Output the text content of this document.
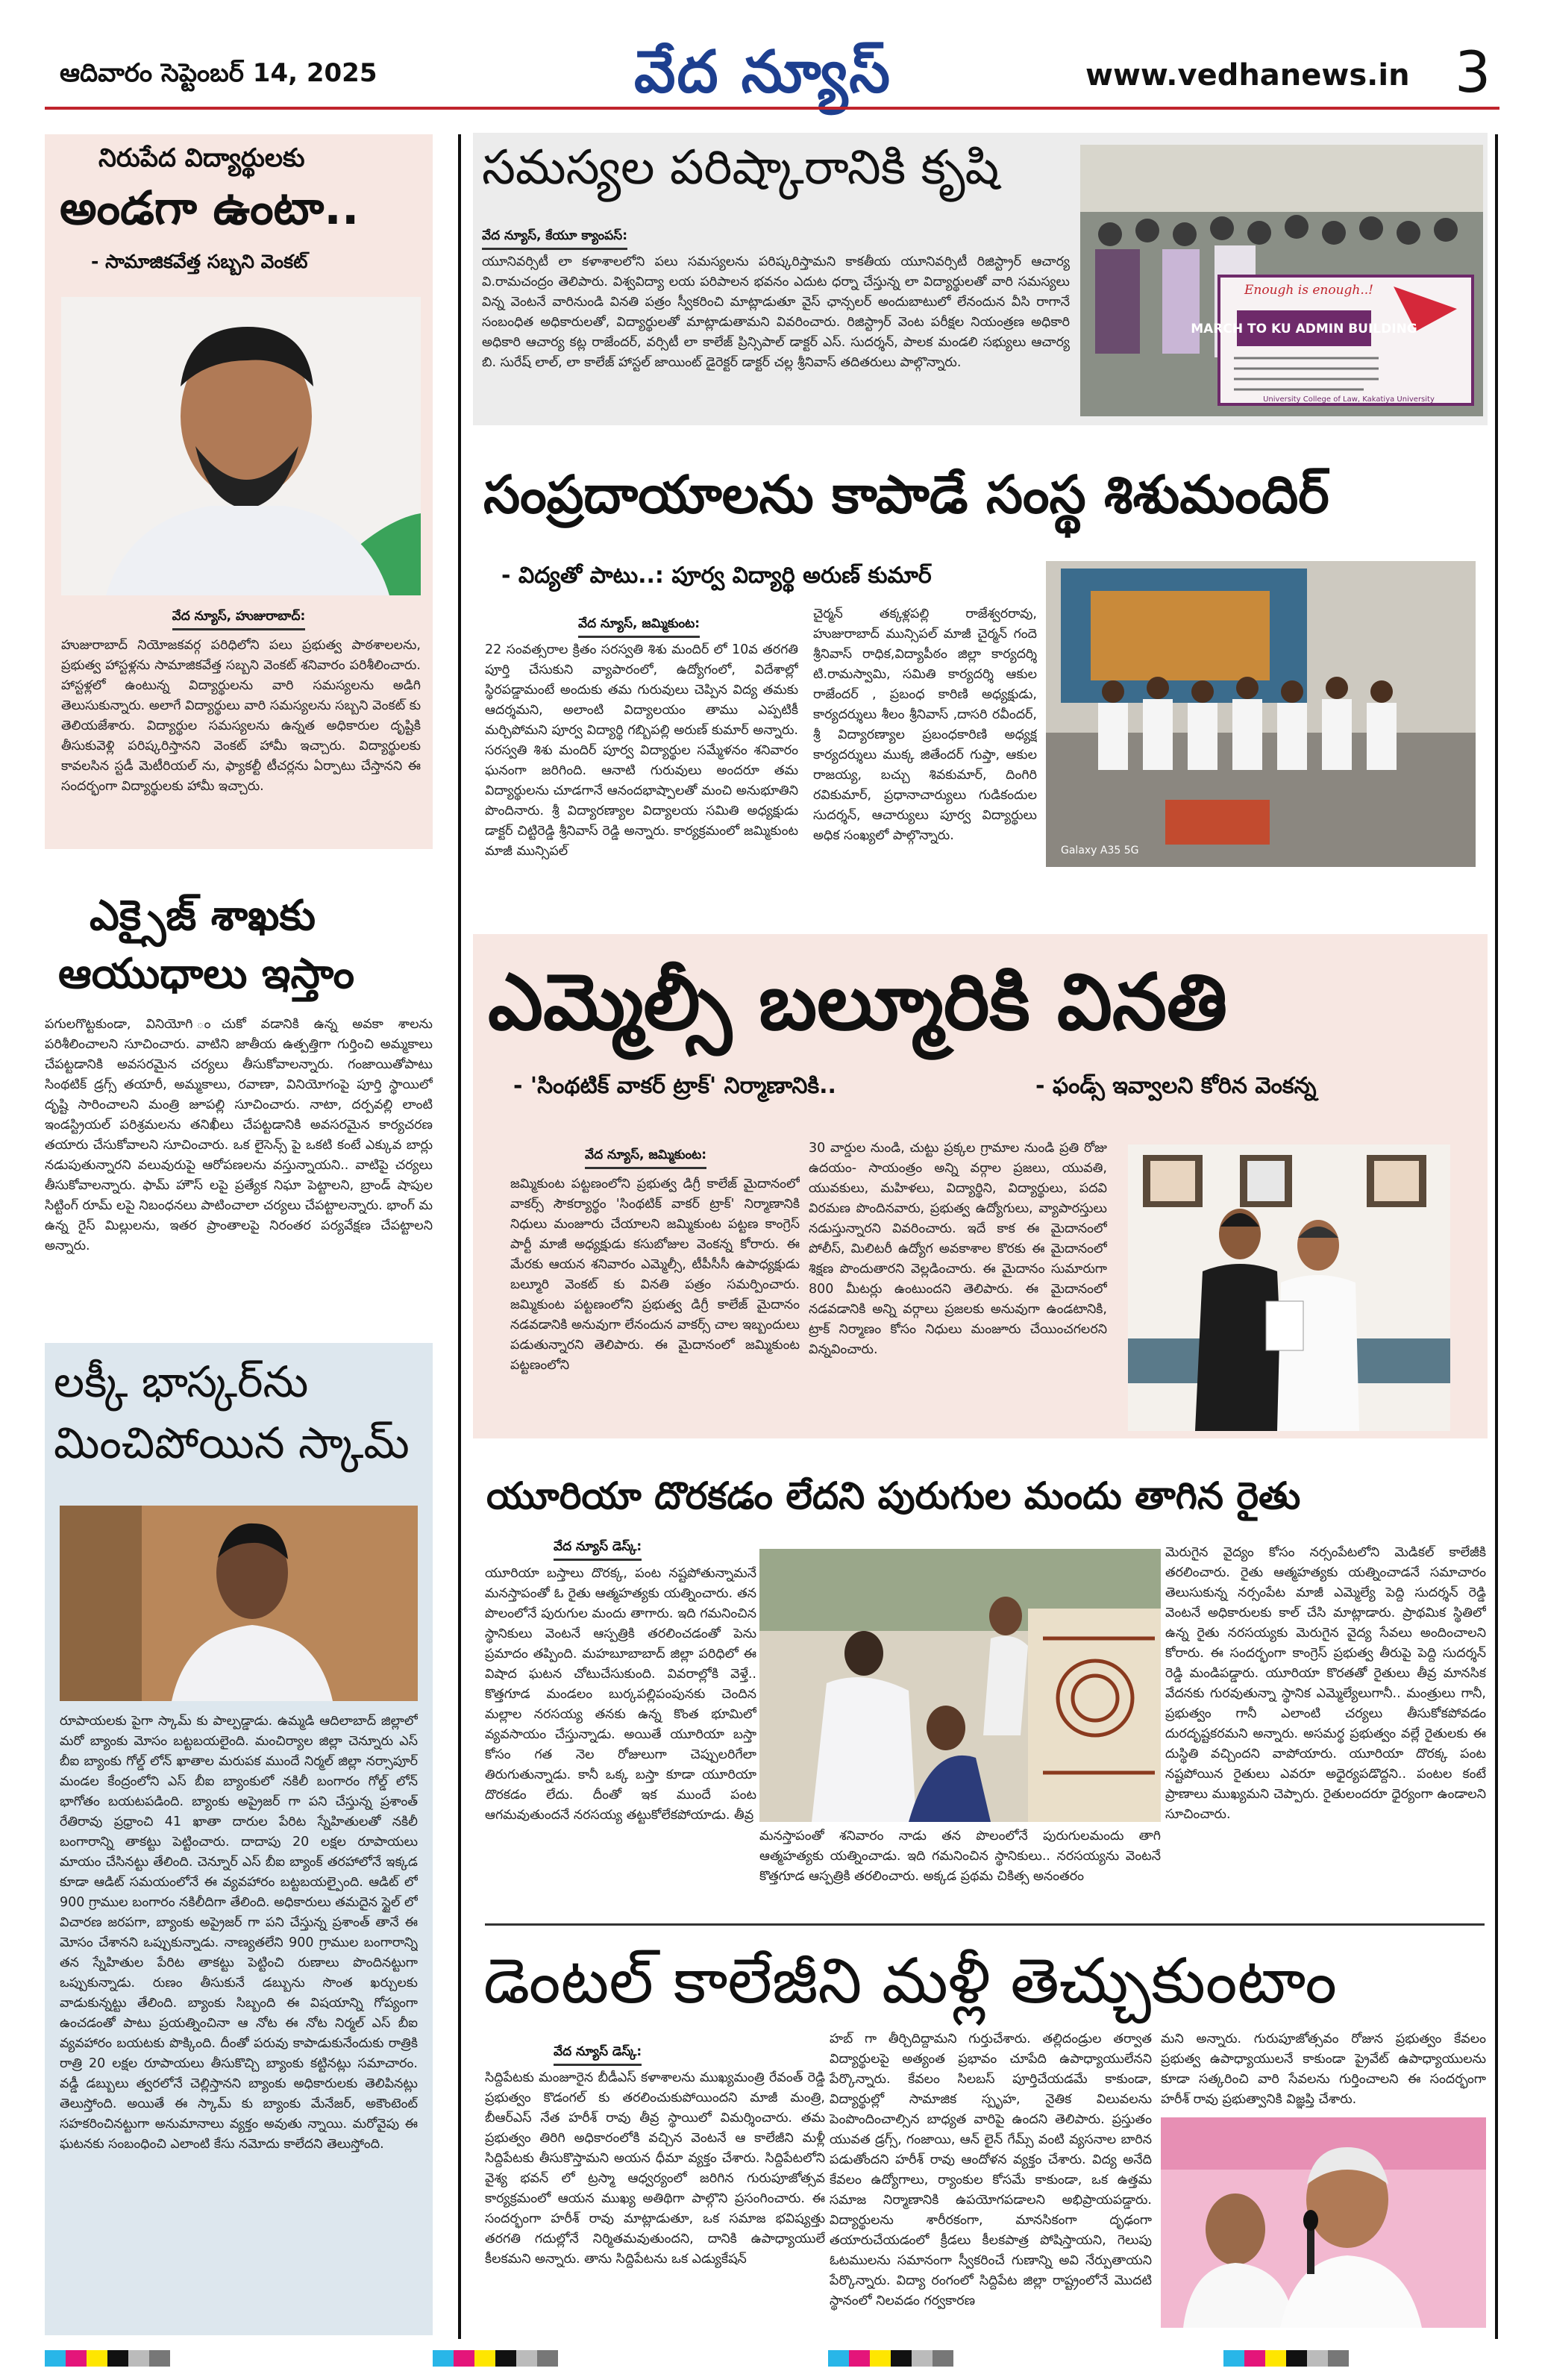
ఆదివారం సెప్టెంబర్ 14, 2025	వేద న్యూస్	www.vedhanews.in 3
నిరుపేద విద్యార్థులకు
అండగా ఉంటా..
- సామాజికవేత్త సబ్బని వెంకట్
వేద న్యూస్, హుజురాబాద్:
హుజురాబాద్ నియోజకవర్గ పరిధిలోని పలు ప్రభుత్వ పాఠశాలలను, ప్రభుత్వ హాస్టళ్లను సామాజికవేత్త సబ్బని వెంకట్ శనివారం పరిశీలించారు. హాస్టళ్లలో ఉంటున్న విద్యార్థులను వారి సమస్యలను అడిగి తెలుసుకున్నారు. అలాగే విద్యార్థులు వారి సమస్యలను సబ్బని వెంకట్ కు తెలియజేశారు. విద్యార్థుల సమస్యలను ఉన్నత అధికారుల దృష్టికి తీసుకువెళ్లి పరిష్కరిస్తానని వెంకట్ హామీ ఇచ్చారు. విద్యార్థులకు కావలసిన స్టడీ మెటీరియల్ ను, ఫ్యాకల్టీ టీచర్లను ఏర్పాటు చేస్తానని ఈ సందర్భంగా విద్యార్థులకు హామీ ఇచ్చారు.
ఎక్సైజ్ శాఖకు
ఆయుధాలు ఇస్తాం
పగులగొట్టకుండా, వినియోగి ంచుకో వడానికి ఉన్న అవకా శాలను పరిశీలించాలని సూచించారు. వాటిని జాతీయ ఉత్పత్తిగా గుర్తించి అమ్మకాలు చేపట్టడానికి అవసరమైన చర్యలు తీసుకోవాలన్నారు. గంజాయితోపాటు సింథటిక్ డ్రగ్స్ తయారీ, అమ్మకాలు, రవాణా, వినియోగంపై పూర్తి స్థాయిలో దృష్టి సారించాలని మంత్రి జూపల్లి సూచించారు. నాటా, దర్పవల్లి లాంటి ఇండస్ట్రియల్ పరిశ్రమలను తనిఖీలు చేపట్టడానికి అవసరమైన కార్యచరణ తయారు చేసుకోవాలని సూచించారు. ఒక లైసెన్స్ పై ఒకటి కంటే ఎక్కువ బార్లు నడుపుతున్నారని వలువురుపై ఆరోపణలను వస్తున్నాయని.. వాటిపై చర్యలు తీసుకోవాలన్నారు. ఫామ్ హౌస్ లపై ప్రత్యేక నిఘా పెట్టాలని, బ్రాండ్ షాపుల సిట్టింగ్ రూమ్ లపై నిబంధనలు పాటించాలా చర్యలు చేపట్టాలన్నారు. భాంగ్ మ ఉన్న రైస్ మిల్లులను, ఇతర ప్రాంతాలపై నిరంతర పర్యవేక్షణ చేపట్టాలని అన్నారు.
లక్కీ భాస్కర్‌ను
మించిపోయిన స్కామ్
రూపాయలకు పైగా స్కామ్ కు పాల్పడ్డాడు. ఉమ్మడి ఆదిలాబాద్ జిల్లాలో మరో బ్యాంకు మోసం బట్టబయలైంది. మంచిర్యాల జిల్లా చెన్నూరు ఎస్ బీఐ బ్యాంకు గోల్డ్ లోన్ ఖాతాల మరుపక ముందే నిర్మల్ జిల్లా నర్సాపూర్ మండల కేంద్రంలోని ఎస్ బీఐ బ్యాంకులో నకిలీ బంగారం గోల్డ్ లోన్ భాగోతం బయటపడింది. బ్యాంకు అప్రైజర్ గా పని చేస్తున్న ప్రశాంత్ రేతిరావు ప్రధ్రాంచి 41 ఖాతా దారుల పేరిట స్నేహితులతో నకిలీ బంగారాన్ని తాకట్టు పెట్టించారు. దాదాపు 20 లక్షల రూపాయలు మాయం చేసినట్టు తేలింది. చెన్నూర్ ఎస్ బీఐ బ్యాంక్ తరహాలోనే ఇక్కడ కూడా ఆడిట్ సమయంలోనే ఈ వ్యవహారం బట్టబయల్పైంది. ఆడిట్ లో 900 గ్రాముల బంగారం నకిలీదిగా తేలింది. అధికారులు తమదైన స్టైల్ లో విచారణ జరపగా, బ్యాంకు అప్రైజర్ గా పని చేస్తున్న ప్రశాంత్ తానే ఈ మోసం చేశానని ఒప్పుకున్నాడు. నాణ్యతలేని 900 గ్రాముల బంగారాన్ని తన స్నేహితుల పేరిట తాకట్టు పెట్టించి రుణాలు పొందినట్టుగా ఒప్పుకున్నాడు. రుణం తీసుకునే డబ్బును సొంత ఖర్చులకు వాడుకున్నట్టు తేలింది. బ్యాంకు సిబ్బంది ఈ విషయాన్ని గోప్యంగా ఉంచడంతో పాటు ప్రయత్నించినా ఆ నోట ఈ నోట నిర్మల్ ఎస్ బీఐ వ్యవహారం బయటకు పొక్కింది. దీంతో పరువు కాపాడుకునేందుకు రాత్రికి రాత్రి 20 లక్షల రూపాయలు తీసుకొచ్చి బ్యాంకు కట్టినట్లు సమాచారం. వడ్డీ డబ్బులు త్వరలోనే చెల్లిస్తానని బ్యాంకు అధికారులకు తెలిపినట్లు తెలుస్తోంది. అయితే ఈ స్కామ్ కు బ్యాంకు మేనేజర్, అకౌంటెంట్ సహకరించినట్టుగా అనుమానాలు వ్యక్తం అవుతు న్నాయి. మరోవైపు ఈ ఘటనకు సంబంధించి ఎలాంటి కేసు నమోదు కాలేదని తెలుస్తోంది.
సమస్యల పరిష్కారానికి కృషి
వేద న్యూస్, కేయూ క్యాంపస్:
యూనివర్సిటీ లా కళాశాలలోని పలు సమస్యలను పరిష్కరిస్తామని కాకతీయ యూనివర్సిటీ రిజిస్ట్రార్ ఆచార్య వి.రామచంద్రం తెలిపారు. విశ్వవిద్యా లయ పరిపాలన భవనం ఎదుట ధర్నా చేస్తున్న లా విద్యార్థులతో వారి సమస్యలు విన్న వెంటనే వారినుండి వినతి పత్రం స్వీకరించి మాట్లాడుతూ వైస్ ఛాన్సలర్ అందుబాటులో లేనందున వీసి రాగానే సంబంధిత అధికారులతో, విద్యార్థులతో మాట్లాడుతామని వివరించారు. రిజిస్ట్రార్ వెంట పరీక్షల నియంత్రణ అధికారి అధికారి ఆచార్య కట్ల రాజేందర్, వర్సిటీ లా కాలేజ్ ప్రిన్సిపాల్ డాక్టర్ ఎస్. సుదర్శన్, పాలక మండలి సభ్యులు ఆచార్య బి. సురేష్ లాల్, లా కాలేజ్ హాస్టల్ జాయింట్ డైరెక్టర్ డాక్టర్ చల్ల శ్రీనివాస్ తదితరులు పాల్గొన్నారు.
Enough is enough..!
MARCH TO KU ADMIN BUILDING
University College of Law, Kakatiya University
సంప్రదాయాలను కాపాడే సంస్థ శిశుమందిర్
- విద్యతో పాటు..: పూర్వ విద్యార్థి అరుణ్ కుమార్
వేద న్యూస్, జమ్మికుంట:
22 సంవత్సరాల క్రితం సరస్వతి శిశు మందిర్ లో 10వ తరగతి పూర్తి చేసుకుని వ్యాపారంలో, ఉద్యోగంలో, విదేశాల్లో స్థిరపడ్డామంటే అందుకు తమ గురువులు చెప్పిన విద్య తమకు ఆదర్శమని, అలాంటి విద్యాలయం తాము ఎప్పటికీ మర్చిపోమని పూర్వ విద్యార్థి గబ్బిపల్లి అరుణ్ కుమార్ అన్నారు. సరస్వతి శిశు మందిర్ పూర్వ విద్యార్థుల సమ్మేళనం శనివారం ఘనంగా జరిగింది. ఆనాటి గురువులు అందరూ తమ విద్యార్థులను చూడగానే ఆనందభాష్పాలతో మంచి అనుభూతిని పొందినారు. శ్రీ విద్యారణ్యాల విద్యాలయ సమితి అధ్యక్షుడు డాక్టర్ చిట్టిరెడ్డి శ్రీనివాస్ రెడ్డి అన్నారు. కార్యక్రమంలో జమ్మికుంట మాజీ మున్సిపల్
చైర్మన్ తక్కళ్లపల్లి రాజేశ్వరరావు, హుజురాబాద్ మున్సిపల్ మాజీ చైర్మన్ గందె శ్రీనివాస్ రాధిక,విద్యాపీఠం జిల్లా కార్యదర్శి టి.రామస్వామి, సమితి కార్యదర్శి ఆకుల రాజేందర్ , ప్రబంధ కారిణి అధ్యక్షుడు, కార్యదర్శులు శీలం శ్రీనివాస్ ,దాసరి రవీందర్, శ్రీ విద్యారణ్యాల ప్రబంధకారిణి అధ్యక్ష కార్యదర్శులు ముక్క జితేందర్ గుప్తా, ఆకుల రాజయ్య, బచ్చు శివకుమార్, దింగిరి రవికుమార్, ప్రధానాచార్యులు గుడికందుల సుదర్శన్, ఆచార్యులు పూర్వ విద్యార్థులు అధిక సంఖ్యలో పాల్గొన్నారు.
Galaxy A35 5G
ఎమ్మెల్సీ బల్మూరికి వినతి
- 'సింథటిక్ వాకర్ ట్రాక్' నిర్మాణానికి..	- ఫండ్స్ ఇవ్వాలని కోరిన వెంకన్న
వేద న్యూస్, జమ్మికుంట:
జమ్మికుంట పట్టణంలోని ప్రభుత్వ డిగ్రీ కాలేజ్ మైదానంలో వాకర్స్ సౌకర్యార్థం 'సింథటిక్ వాకర్ ట్రాక్' నిర్మాణానికి నిధులు మంజూరు చేయాలని జమ్మికుంట పట్టణ కాంగ్రెస్ పార్టీ మాజీ అధ్యక్షుడు కసుబోజుల వెంకన్న కోరారు. ఈ మేరకు ఆయన శనివారం ఎమ్మెల్సీ, టీపీసీసీ ఉపాధ్యక్షుడు బల్మూరి వెంకట్ కు వినతి పత్రం సమర్పించారు. జమ్మికుంట పట్టణంలోని ప్రభుత్వ డిగ్రీ కాలేజ్ మైదానం నడవడానికి అనువుగా లేనందున వాకర్స్ చాల ఇబ్బందులు పడుతున్నారని తెలిపారు. ఈ మైదానంలో జమ్మికుంట పట్టణంలోని
30 వార్డుల నుండి, చుట్టు ప్రక్కల గ్రామాల నుండి ప్రతి రోజు ఉదయం- సాయంత్రం అన్ని వర్గాల ప్రజలు, యువతి, యువకులు, మహిళలు, విద్యార్థిని, విద్యార్థులు, పదవి విరమణ పొందినవారు, ప్రభుత్వ ఉద్యోగులు, వ్యాపారస్తులు నడుస్తున్నారని వివరించారు. ఇదే కాక ఈ మైదానంలో పోలీస్, మిలిటరీ ఉద్యోగ అవకాశాల కొరకు ఈ మైదానంలో శిక్షణ పొందుతారని వెల్లడించారు. ఈ మైదానం సుమారుగా 800 మీటర్లు ఉంటుందని తెలిపారు. ఈ మైదానంలో నడవడానికి అన్ని వర్గాలు ప్రజలకు అనువుగా ఉండటానికి, ట్రాక్ నిర్మాణం కోసం నిధులు మంజూరు చేయించగలరని విన్నవించారు.
యూరియా దొరకడం లేదని పురుగుల మందు తాగిన రైతు
వేద న్యూస్ డెస్క్:
యూరియా బస్తాలు దొరక్క, పంట నష్టపోతున్నామనే మనస్తాపంతో ఓ రైతు ఆత్మహత్యకు యత్నించారు. తన పొలంలోనే పురుగుల మందు తాగారు. ఇది గమనించిన స్థానికులు వెంటనే ఆస్పత్రికి తరలించడంతో పెను ప్రమాదం తప్పింది. మహబూబాబాద్ జిల్లా పరిధిలో ఈ విషాద ఘటన చోటుచేసుకుంది. వివరాల్లోకి వెళ్తే.. కొత్తగూడ మండలం బుర్కపల్లిపంపునకు చెందిన మల్లాల నరసయ్య తనకు ఉన్న కొంత భూమిలో వ్యవసాయం చేస్తున్నాడు. అయితే యూరియా బస్తా కోసం గత నెల రోజులుగా చెప్పులరిగేలా తిరుగుతున్నాడు. కానీ ఒక్క బస్తా కూడా యూరియా దొరకడం లేదు. దీంతో ఇక ముందే పంట ఆగమవుతుందనే నరసయ్య తట్టుకోలేకపోయాడు. తీవ్ర
మనస్తాపంతో శనివారం నాడు తన పొలంలోనే పురుగులమందు తాగి ఆత్మహత్యకు యత్నించాడు. ఇది గమనించిన స్థానికులు.. నరసయ్యను వెంటనే కొత్తగూడ ఆస్పత్రికి తరలించారు. అక్కడ ప్రథమ చికిత్స అనంతరం
మెరుగైన వైద్యం కోసం నర్సంపేటలోని మెడికల్ కాలేజీకి తరలించారు. రైతు ఆత్మహత్యకు యత్నించాడనే సమాచారం తెలుసుకున్న నర్సంపేట మాజీ ఎమ్మెల్యే పెద్ది సుదర్శన్ రెడ్డి వెంటనే అధికారులకు కాల్ చేసి మాట్లాడారు. ప్రాథమిక స్థితిలో ఉన్న రైతు నరసయ్యకు మెరుగైన వైద్య సేవలు అందించాలని కోరారు. ఈ సందర్భంగా కాంగ్రెస్ ప్రభుత్వ తీరుపై పెద్ది సుదర్శన్ రెడ్డి మండిపడ్డారు. యూరియా కొరతతో రైతులు తీవ్ర మానసిక వేదనకు గురవుతున్నా స్థానిక ఎమ్మెల్యేలుగానీ.. మంత్రులు గానీ, ప్రభుత్వం గానీ ఎలాంటి చర్యలు తీసుకోకపోవడం దురదృష్టకరమని అన్నారు. అసమర్థ ప్రభుత్వం వల్లే రైతులకు ఈ దుస్థితి వచ్చిందని వాపోయారు. యూరియా దొరక్క పంట నష్టపోయిన రైతులు ఎవరూ అధైర్యపడొద్దని.. పంటల కంటే ప్రాణాలు ముఖ్యమని చెప్పారు. రైతులందరూ ధైర్యంగా ఉండాలని సూచించారు.
డెంటల్ కాలేజీని మళ్లీ తెచ్చుకుంటాం
వేద న్యూస్ డెస్క్:
సిద్దిపేటకు మంజూరైన బీడీఎస్ కళాశాలను ముఖ్యమంత్రి రేవంత్ రెడ్డి ప్రభుత్వం కొడంగల్ కు తరలించుకుపోయిందని మాజీ మంత్రి, బీఆర్ఎస్ నేత హరీశ్ రావు తీవ్ర స్థాయిలో విమర్శించారు. తమ ప్రభుత్వం తిరిగి అధికారంలోకి వచ్చిన వెంటనే ఆ కాలేజీని మళ్లీ సిద్దిపేటకు తీసుకొస్తామని అయన ధీమా వ్యక్తం చేశారు. సిద్దిపేటలోని వైశ్య భవన్ లో ట్రస్మా ఆధ్వర్యంలో జరిగిన గురుపూజోత్సవ కార్యక్రమంలో ఆయన ముఖ్య అతిథిగా పాల్గొని ప్రసంగించారు. ఈ సందర్భంగా హరీశ్ రావు మాట్లాడుతూ, ఒక సమాజ భవిష్యత్తు తరగతి గదుల్లోనే నిర్మితమవుతుందని, దానికి ఉపాధ్యాయులే కీలకమని అన్నారు. తాను సిద్దిపేటను ఒక ఎడ్యుకేషన్
హబ్ గా తీర్చిదిద్దామని గుర్తుచేశారు. తల్లిదండ్రుల తర్వాత విద్యార్థులపై అత్యంత ప్రభావం చూపేది ఉపాధ్యాయులేనని పేర్కొన్నారు. కేవలం సిలబస్ పూర్తిచేయడమే కాకుండా, విద్యార్థుల్లో సామాజిక స్పృహ, నైతిక విలువలను పెంపొందించాల్సిన బాధ్యత వారిపై ఉందని తెలిపారు. ప్రస్తుతం యువత డ్రగ్స్, గంజాయి, ఆన్ లైన్ గేమ్స్ వంటి వ్యసనాల బారిన పడుతోందని హరీశ్ రావు ఆందోళన వ్యక్తం చేశారు. విద్య అనేది కేవలం ఉద్యోగాలు, ర్యాంకుల కోసమే కాకుండా, ఒక ఉత్తమ సమాజ నిర్మాణానికి ఉపయోగపడాలని అభిప్రాయపడ్డారు. విద్యార్థులను శారీరకంగా, మానసికంగా దృఢంగా తయారుచేయడంలో క్రీడలు కీలకపాత్ర పోషిస్తాయని, గెలుపు ఓటములను సమానంగా స్వీకరించే గుణాన్ని అవి నేర్పుతాయని పేర్కొన్నారు. విద్యా రంగంలో సిద్దిపేట జిల్లా రాష్ట్రంలోనే మొదటి స్థానంలో నిలవడం గర్వకారణ
మని అన్నారు. గురుపూజోత్సవం రోజున ప్రభుత్వం కేవలం ప్రభుత్వ ఉపాధ్యాయులనే కాకుండా ప్రైవేట్ ఉపాధ్యాయులను కూడా సత్కరించి వారి సేవలను గుర్తించాలని ఈ సందర్భంగా హరీశ్ రావు ప్రభుత్వానికి విజ్ఞప్తి చేశారు.
